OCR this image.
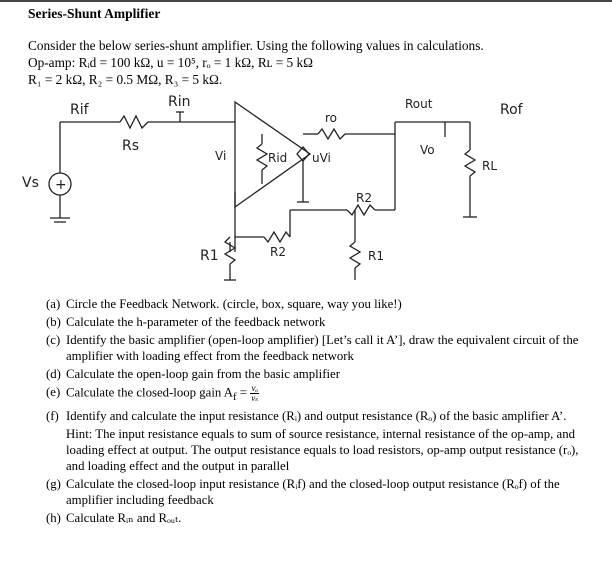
Series-Shunt Amplifier
Consider the below series-shunt amplifier. Using the following values in calculations.
Op-amp: Rᵢd = 100 kΩ, u = 10⁵, rₒ = 1 kΩ, Rʟ = 5 kΩ
R₁ = 2 kΩ, R₂ = 0.5 MΩ, R₃ = 5 kΩ.
+
Rif	Rin
Rs
Vs
Vi	Rid uVi
ro
Rout
Vo
Rof
RL
R2
R1
R1	R2
(a) Circle the Feedback Network. (circle, box, square, way you like!)
(b) Calculate the h-parameter of the feedback network
(c) Identify the basic amplifier (open-loop amplifier) [Let’s call it A’], draw the equivalent circuit of the amplifier with loading effect from the feedback network
(d) Calculate the open-loop gain from the basic amplifier
(e) Calculate the closed-loop gain $A_f = \frac{\text{vₒ}}{\text{vₛ}}$
(f) Identify and calculate the input resistance (Rᵢ) and output resistance (Rₒ) of the basic amplifier A’.
Hint: The input resistance equals to sum of source resistance, internal resistance of the op-amp, and loading effect at output. The output resistance equals to load resistors, op-amp output resistance (rₒ), and loading effect and the output in parallel
(g) Calculate the closed-loop input resistance (Rᵢf) and the closed-loop output resistance (Rₒf) of the amplifier including feedback
(h) Calculate Rᵢₙ and Rₒᵤₜ.
